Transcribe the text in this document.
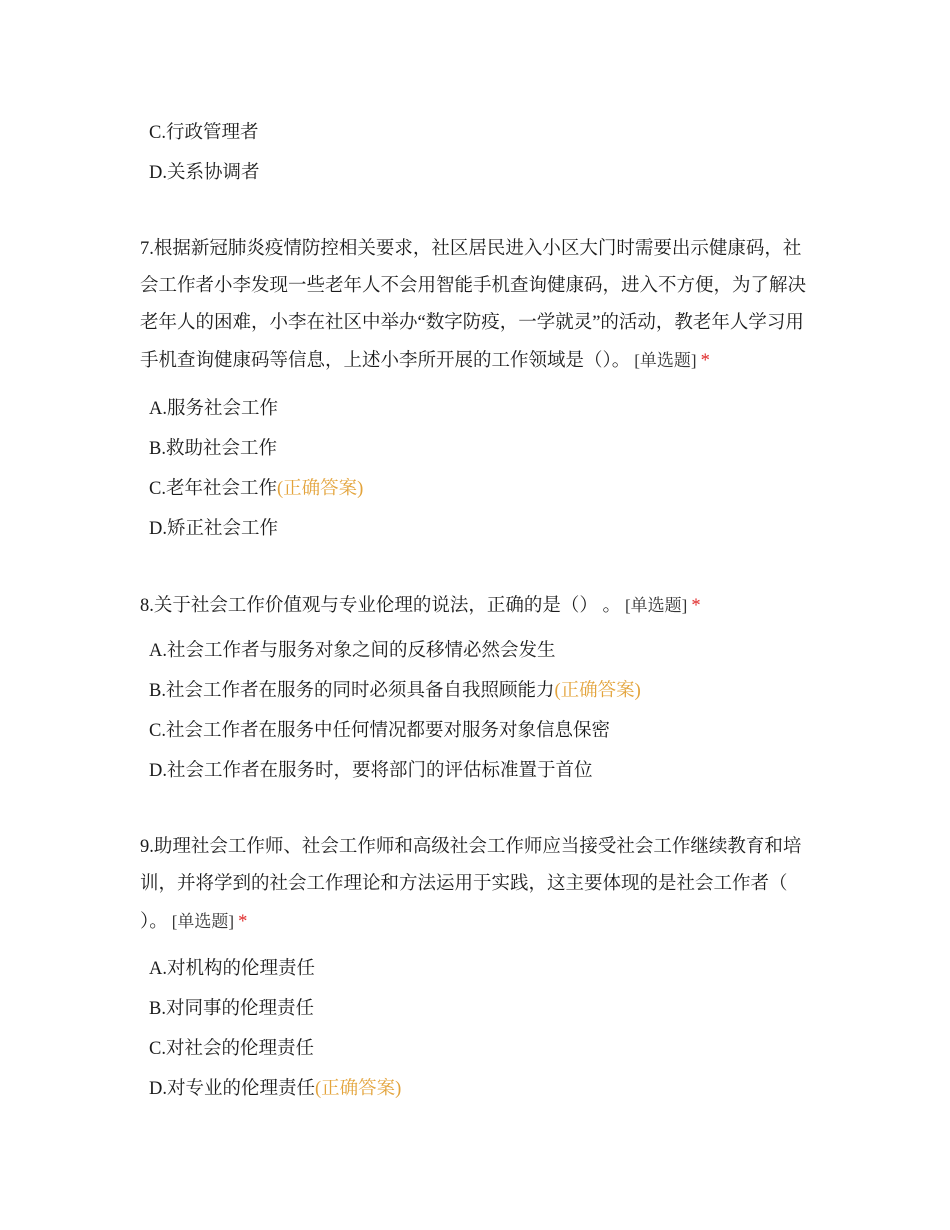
C.行政管理者
D.关系协调者
7.根据新冠肺炎疫情防控相关要求，社区居民进入小区大门时需要出示健康码，社
会工作者小李发现一些老年人不会用智能手机查询健康码，进入不方便，为了解决
老年人的困难，小李在社区中举办“数字防疫，一学就灵”的活动，教老年人学习用
手机查询健康码等信息，上述小李所开展的工作领域是（）。 [单选题] *
A.服务社会工作
B.救助社会工作
C.老年社会工作(正确答案)
D.矫正社会工作
8.关于社会工作价值观与专业伦理的说法，正确的是（） 。 [单选题] *
A.社会工作者与服务对象之间的反移情必然会发生
B.社会工作者在服务的同时必须具备自我照顾能力(正确答案)
C.社会工作者在服务中任何情况都要对服务对象信息保密
D.社会工作者在服务时，要将部门的评估标准置于首位
9.助理社会工作师、社会工作师和高级社会工作师应当接受社会工作继续教育和培
训，并将学到的社会工作理论和方法运用于实践，这主要体现的是社会工作者（
）。 [单选题] *
A.对机构的伦理责任
B.对同事的伦理责任
C.对社会的伦理责任
D.对专业的伦理责任(正确答案)
